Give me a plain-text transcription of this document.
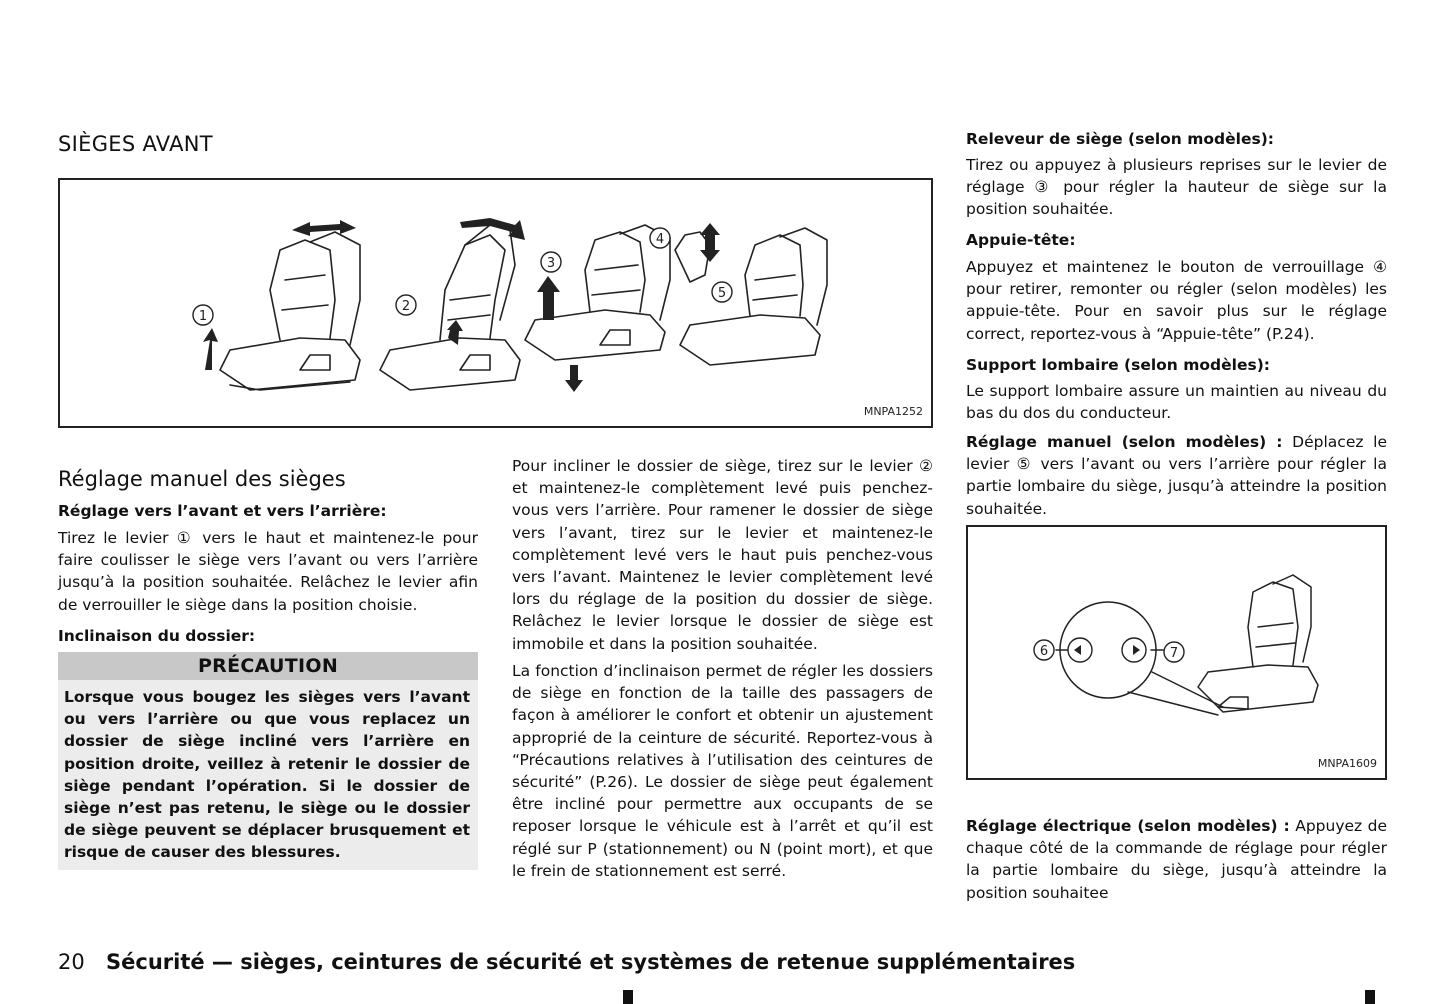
SIÈGES AVANT
1
2
3
4
5
MNPA1252
Réglage manuel des sièges
Réglage vers l’avant et vers l’arrière:

Tirez le levier ① vers le haut et maintenez-le pour faire coulisser le siège vers l’avant ou vers l’arrière jusqu’à la position souhaitée. Relâchez le levier afin de verrouiller le siège dans la position choisie.

Inclinaison du dossier:
PRÉCAUTION
Lorsque vous bougez les sièges vers l’avant ou vers l’arrière ou que vous replacez un dossier de siège incliné vers l’arrière en position droite, veillez à retenir le dossier de siège pendant l’opération. Si le dossier de siège n’est pas retenu, le siège ou le dossier de siège peuvent se déplacer brusquement et risque de causer des blessures.

Pour incliner le dossier de siège, tirez sur le levier ② et maintenez-le complètement levé puis penchez-vous vers l’arrière. Pour ramener le dossier de siège vers l’avant, tirez sur le levier et maintenez-le complètement levé vers le haut puis penchez-vous vers l’avant. Maintenez le levier complètement levé lors du réglage de la position du dossier de siège. Relâchez le levier lorsque le dossier de siège est immobile et dans la position souhaitée.

La fonction d’inclinaison permet de régler les dossiers de siège en fonction de la taille des passagers de façon à améliorer le confort et obtenir un ajustement approprié de la ceinture de sécurité. Reportez-vous à “Précautions relatives à l’utilisation des ceintures de sécurité” (P.26). Le dossier de siège peut également être incliné pour permettre aux occupants de se reposer lorsque le véhicule est à l’arrêt et qu’il est réglé sur P (stationnement) ou N (point mort), et que le frein de stationnement est serré.

Releveur de siège (selon modèles):

Tirez ou appuyez à plusieurs reprises sur le levier de réglage ③ pour régler la hauteur de siège sur la position souhaitée.

Appuie-tête:

Appuyez et maintenez le bouton de verrouillage ④ pour retirer, remonter ou régler (selon modèles) les appuie-tête. Pour en savoir plus sur le réglage correct, reportez-vous à “Appuie-tête” (P.24).

Support lombaire (selon modèles):

Le support lombaire assure un maintien au niveau du bas du dos du conducteur.

Réglage manuel (selon modèles) : Déplacez le levier ⑤ vers l’avant ou vers l’arrière pour régler la partie lombaire du siège, jusqu’à atteindre la position souhaitée.

6	7
MNPA1609

Réglage électrique (selon modèles) : Appuyez de chaque côté de la commande de réglage pour régler la partie lombaire du siège, jusqu’à atteindre la position souhaitee

20 Sécurité — sièges, ceintures de sécurité et systèmes de retenue supplémentaires
